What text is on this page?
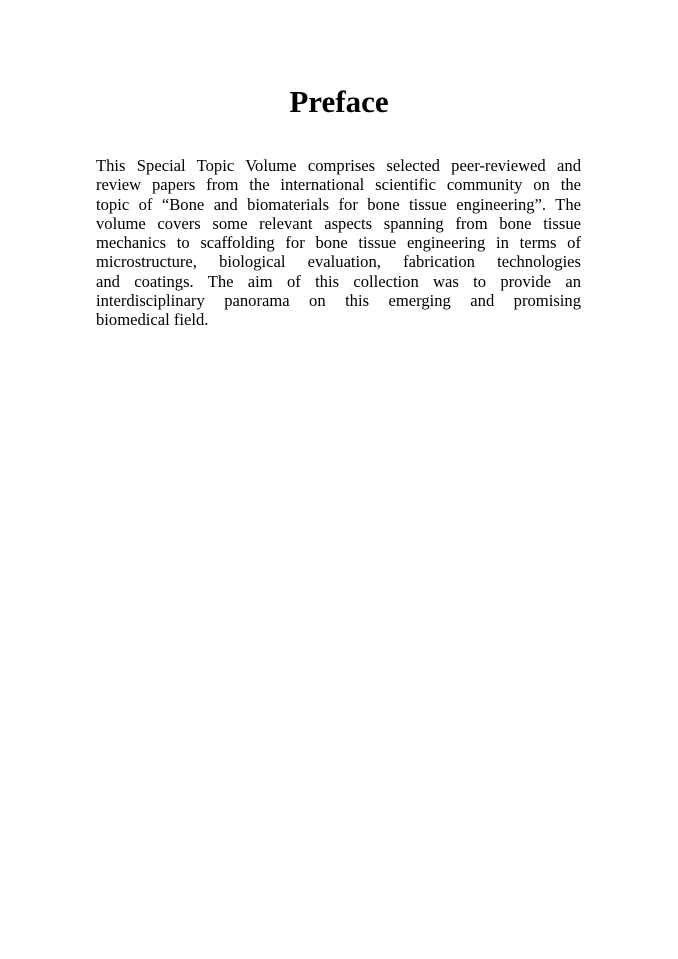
Preface
This Special Topic Volume comprises selected peer-reviewed and
review papers from the international scientific community on the
topic of “Bone and biomaterials for bone tissue engineering”. The
volume covers some relevant aspects spanning from bone tissue
mechanics to scaffolding for bone tissue engineering in terms of
microstructure, biological evaluation, fabrication technologies
and coatings. The aim of this collection was to provide an
interdisciplinary panorama on this emerging and promising
biomedical field.
